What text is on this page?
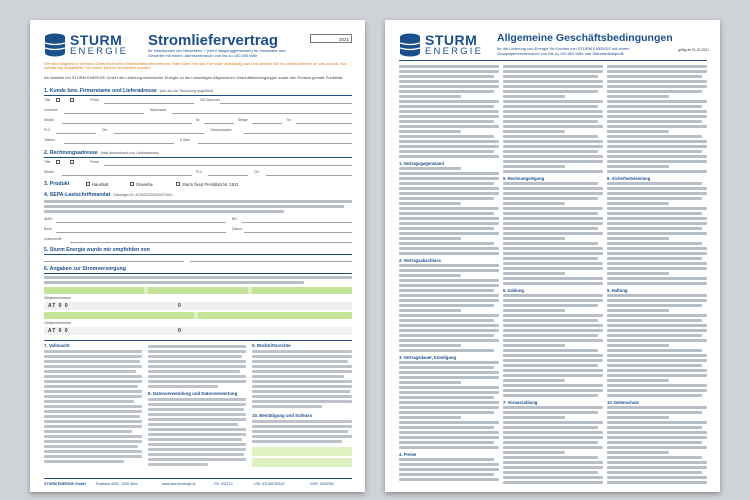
STURM
ENERGIE
Stromliefervertrag
für Netzkunden der Netzebene 7 (nicht lastganggemessen) für Haushalte und Gewerbe mit einem Jahresverbrauch von bis zu 100.000 kWh
2021
Wir sind Mitglied im Verband Österreichischer Elektrizitätsunternehmen. Bitte füllen Sie das Formular vollständig aus und senden Sie es unterschrieben an uns zurück. Nur vollständig ausgefüllte Formulare können bearbeitet werden.
Ich bestelle bei STURM ENERGIE GmbH die Lieferung elektrischer Energie zu den umseitigen Allgemeinen Geschäftsbedingungen sowie den Preisen gemäß Preisblatt.
1. Kunde bzw. Firmenname und Lieferadresse (wie auf der Rechnung angeführt)
Titel	Firma	UID-Nummer
Vorname	Nachname
Straße	Nr.	Stiege	Tür
PLZ	Ort	Geburtsdatum
Telefon	E-Mail
2. Rechnungsadresse (falls abweichend von Lieferadresse)
Titel	Firma
Straße	PLZ	Ort
3. Produkt	Haushalt	Gewerbe	Sturm fixed Preisblatt Nr. 1621
4. SEPA-Lastschriftmandat Gläubiger-ID: AT50ZZZ00000007004
IBAN	BIC
Bank	Datum
Unterschrift
5. Sturm Energie wurde mir empfohlen von
6. Angaben zur Stromversorgung
Zählpunktnummer
AT 0 0	0
Zählpunktnummer
AT 0 0	0
7. Vollmacht
8. Datenverwendung und Datenverwertung
9. Rücktrittsrechte
10. Bestätigung und Schluss
STURM ENERGIE GmbH	Postfach 4000, 1000 Wien	www.sturmenergie.at	FN: 432712	UID: ATU69760167	DVR: 4018784
STURM
ENERGIE
Allgemeine Geschäftsbedingungen
für die Lieferung von Energie für Kunden von STURM ENERGIE mit einem Gesamtjahresverbrauch von bis zu 100.000 kWh und Standardlastprofil
gültig ab 01.01.2021
1. Vertragsgegenstand
2. Vertragsabschluss
3. Vertragsdauer, Kündigung
4. Preise
5. Rechnungslegung
6. Zahlung
7. Vorauszahlung
8. Sicherheitsleistung
9. Haftung
10. Datenschutz
